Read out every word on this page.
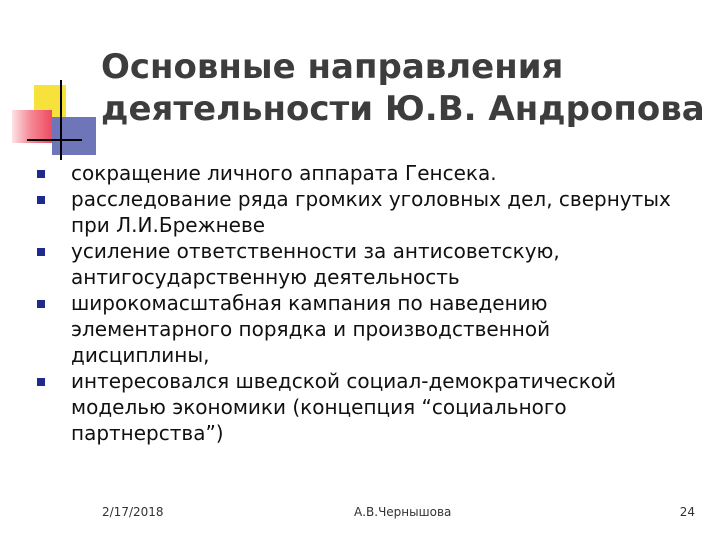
Основные направления
деятельности Ю.В. Андропова
сокращение личного аппарата Генсека.
расследование ряда громких уголовных дел, свернутых
при Л.И.Брежневе
усиление ответственности за антисоветскую,
антигосударственную деятельность
широкомасштабная кампания по наведению
элементарного порядка и производственной
дисциплины,
интересовался шведской социал-демократической
моделью экономики (концепция “социального
партнерства”)
2/17/2018	А.В.Чернышова	24
